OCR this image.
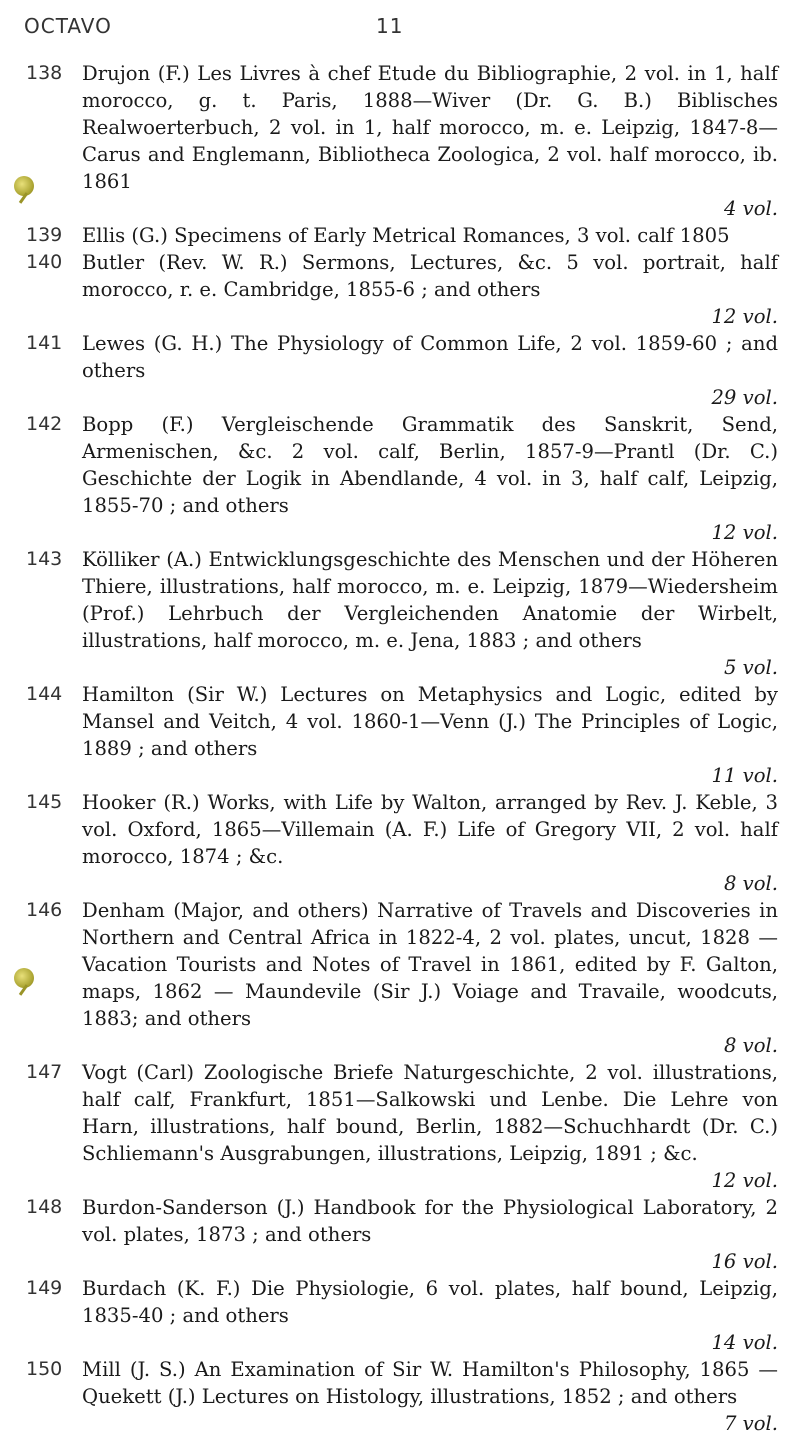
OCTAVO	11
138 Drujon (F.) Les Livres à chef Etude du Bibliographie, 2 vol. in 1, half morocco, g. t. Paris, 1888—Wiver (Dr. G. B.) Biblisches Realwoerterbuch, 2 vol. in 1, half morocco, m. e. Leipzig, 1847-8—Carus and Englemann, Bibliotheca Zoologica, 2 vol. half morocco, ib. 1861
4 vol.
139 Ellis (G.) Specimens of Early Metrical Romances, 3 vol. calf 1805
140 Butler (Rev. W. R.) Sermons, Lectures, &c. 5 vol. portrait, half morocco, r. e. Cambridge, 1855-6 ; and others
12 vol.
141 Lewes (G. H.) The Physiology of Common Life, 2 vol. 1859-60 ; and others
29 vol.
142 Bopp (F.) Vergleischende Grammatik des Sanskrit, Send, Armenischen, &c. 2 vol. calf, Berlin, 1857-9—Prantl (Dr. C.) Geschichte der Logik in Abendlande, 4 vol. in 3, half calf, Leipzig, 1855-70 ; and others
12 vol.
143 Kölliker (A.) Entwicklungsgeschichte des Menschen und der Höheren Thiere, illustrations, half morocco, m. e. Leipzig, 1879—Wiedersheim (Prof.) Lehrbuch der Vergleichenden Anatomie der Wirbelt, illustrations, half morocco, m. e. Jena, 1883 ; and others
5 vol.
144 Hamilton (Sir W.) Lectures on Metaphysics and Logic, edited by Mansel and Veitch, 4 vol. 1860-1—Venn (J.) The Principles of Logic, 1889 ; and others
11 vol.
145 Hooker (R.) Works, with Life by Walton, arranged by Rev. J. Keble, 3 vol. Oxford, 1865—Villemain (A. F.) Life of Gregory VII, 2 vol. half morocco, 1874 ; &c.
8 vol.
146 Denham (Major, and others) Narrative of Travels and Discoveries in Northern and Central Africa in 1822-4, 2 vol. plates, uncut, 1828 —Vacation Tourists and Notes of Travel in 1861, edited by F. Galton, maps, 1862 — Maundevile (Sir J.) Voiage and Travaile, woodcuts, 1883; and others
8 vol.
147 Vogt (Carl) Zoologische Briefe Naturgeschichte, 2 vol. illustrations, half calf, Frankfurt, 1851—Salkowski und Lenbe. Die Lehre von Harn, illustrations, half bound, Berlin, 1882—Schuchhardt (Dr. C.) Schliemann's Ausgrabungen, illustrations, Leipzig, 1891 ; &c.
12 vol.
148 Burdon-Sanderson (J.) Handbook for the Physiological Laboratory, 2 vol. plates, 1873 ; and others
16 vol.
149 Burdach (K. F.) Die Physiologie, 6 vol. plates, half bound, Leipzig, 1835-40 ; and others
14 vol.
150 Mill (J. S.) An Examination of Sir W. Hamilton's Philosophy, 1865 — Quekett (J.) Lectures on Histology, illustrations, 1852 ; and others
7 vol.
